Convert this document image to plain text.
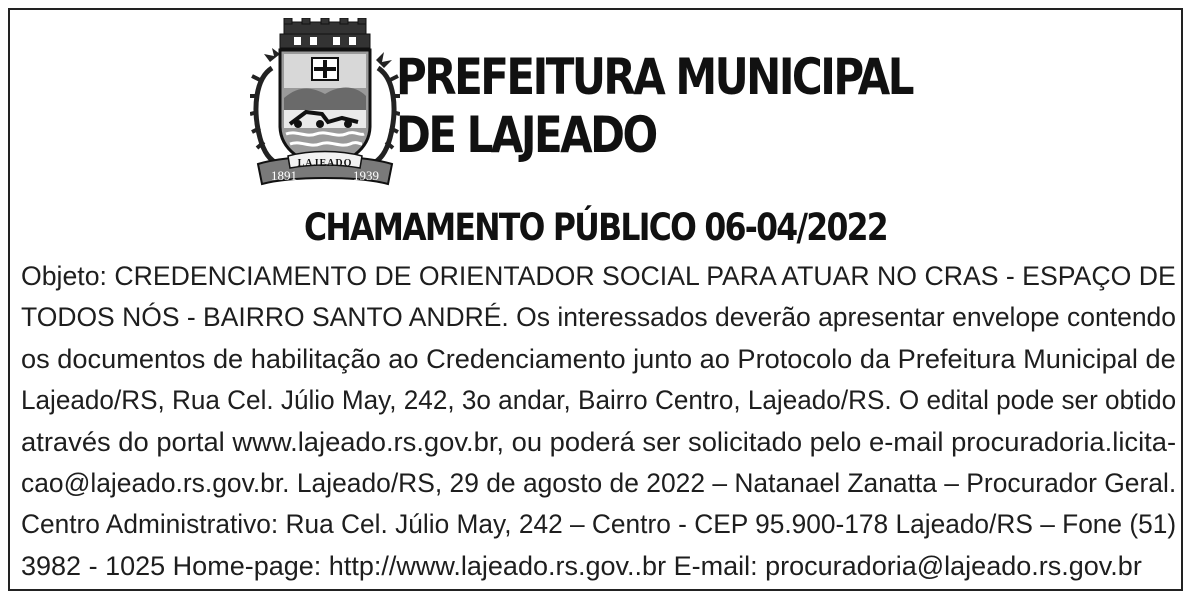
LAJEADO
1891	1939
PREFEITURA MUNICIPAL
DE LAJEADO
CHAMAMENTO PÚBLICO 06-04/2022
Objeto: CREDENCIAMENTO DE ORIENTADOR SOCIAL PARA ATUAR NO CRAS - ESPAÇO DE
TODOS NÓS - BAIRRO SANTO ANDRÉ. Os interessados deverão apresentar envelope contendo
os documentos de habilitação ao Credenciamento junto ao Protocolo da Prefeitura Municipal de
Lajeado/RS, Rua Cel. Júlio May, 242, 3o andar, Bairro Centro, Lajeado/RS. O edital pode ser obtido
através do portal www.lajeado.rs.gov.br, ou poderá ser solicitado pelo e-mail procuradoria.licita-
cao@lajeado.rs.gov.br. Lajeado/RS, 29 de agosto de 2022 – Natanael Zanatta – Procurador Geral.
Centro Administrativo: Rua Cel. Júlio May, 242 – Centro - CEP 95.900-178 Lajeado/RS – Fone (51)
3982 - 1025 Home-page: http://www.lajeado.rs.gov..br E-mail: procuradoria@lajeado.rs.gov.br
